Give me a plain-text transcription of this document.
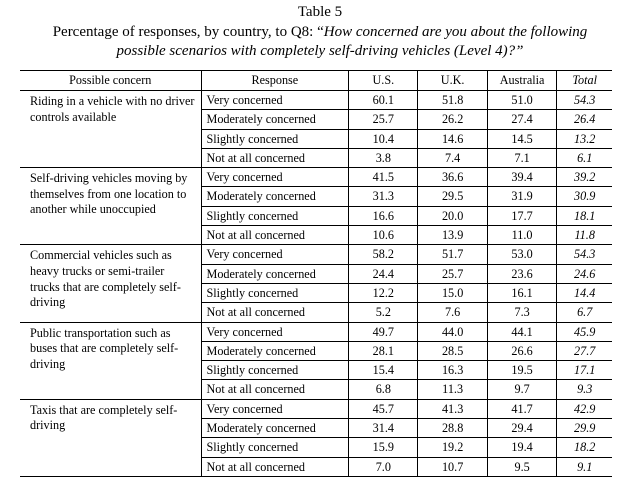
Table 5
Percentage of responses, by country, to Q8: “How concerned are you about the following
possible scenarios with completely self-driving vehicles (Level 4)?”
Possible concern	Response	U.S.	U.K.	Australia	Total

Riding in a vehicle with no driver controls available	Very concerned	60.1	51.8	51.0	54.3
	Moderately concerned	25.7	26.2	27.4	26.4
	Slightly concerned	10.4	14.6	14.5	13.2
	Not at all concerned	3.8	7.4	7.1	6.1

Self-driving vehicles moving by themselves from one location to another while unoccupied	Very concerned	41.5	36.6	39.4	39.2
	Moderately concerned	31.3	29.5	31.9	30.9
	Slightly concerned	16.6	20.0	17.7	18.1
	Not at all concerned	10.6	13.9	11.0	11.8

Commercial vehicles such as heavy trucks or semi-trailer trucks that are completely self-driving	Very concerned	58.2	51.7	53.0	54.3
	Moderately concerned	24.4	25.7	23.6	24.6
	Slightly concerned	12.2	15.0	16.1	14.4
	Not at all concerned	5.2	7.6	7.3	6.7

Public transportation such as buses that are completely self-driving	Very concerned	49.7	44.0	44.1	45.9
	Moderately concerned	28.1	28.5	26.6	27.7
	Slightly concerned	15.4	16.3	19.5	17.1
	Not at all concerned	6.8	11.3	9.7	9.3

Taxis that are completely self-driving	Very concerned	45.7	41.3	41.7	42.9
	Moderately concerned	31.4	28.8	29.4	29.9
	Slightly concerned	15.9	19.2	19.4	18.2
	Not at all concerned	7.0	10.7	9.5	9.1
